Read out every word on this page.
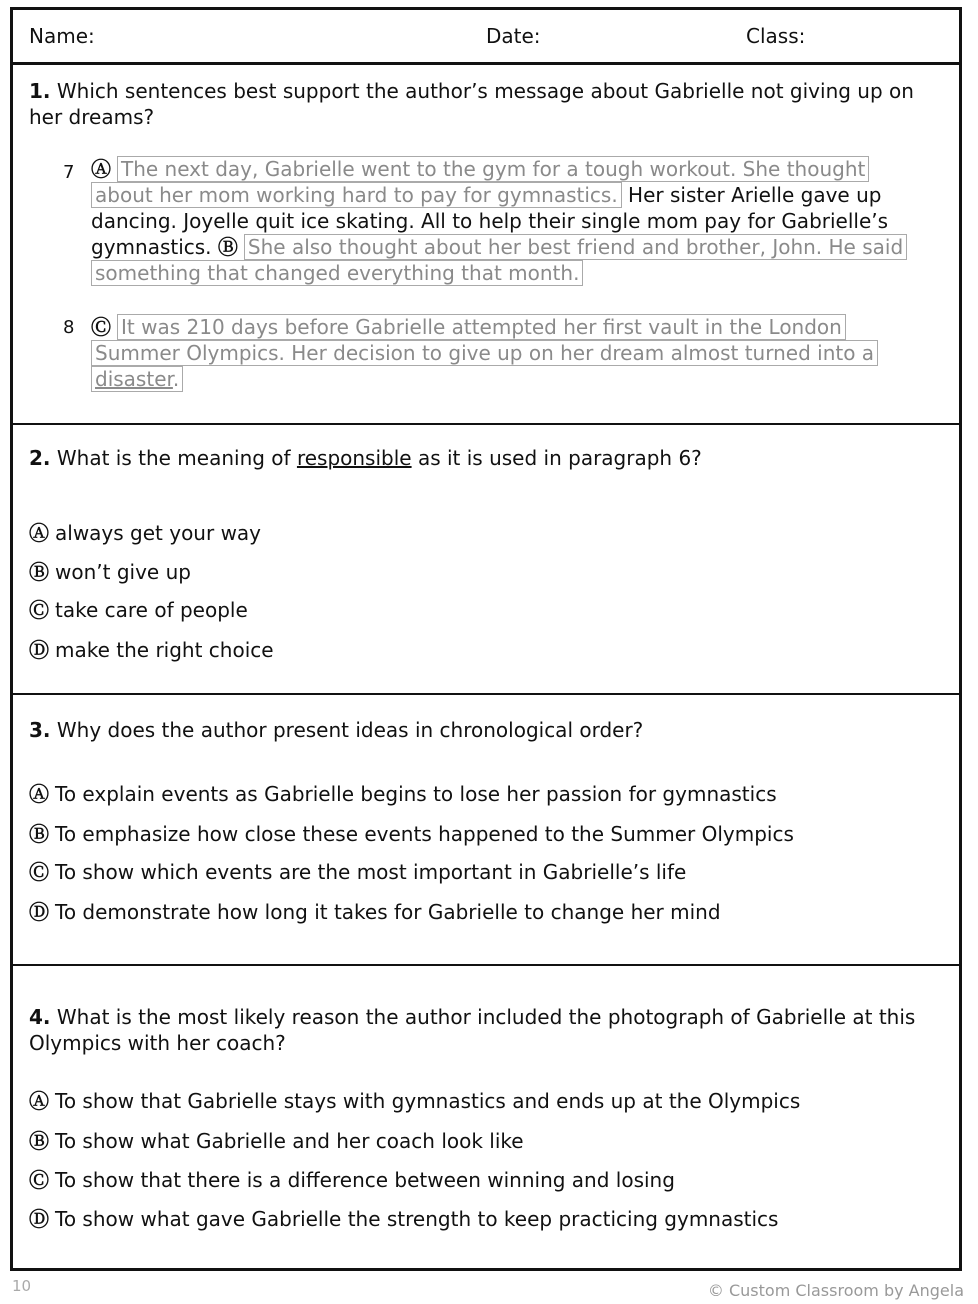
Name:	Date:	Class:
1. Which sentences best support the author’s message about Gabrielle not giving up on her dreams?
7 Ⓐ The next day, Gabrielle went to the gym for a tough workout. She thought about her mom working hard to pay for gymnastics. Her sister Arielle gave up dancing. Joyelle quit ice skating. All to help their single mom pay for Gabrielle’s gymnastics. Ⓑ She also thought about her best friend and brother, John. He said something that changed everything that month.
8 Ⓒ It was 210 days before Gabrielle attempted her first vault in the London Summer Olympics. Her decision to give up on her dream almost turned into a disaster.
2. What is the meaning of responsible as it is used in paragraph 6?
Ⓐ always get your way
Ⓑ won’t give up
Ⓒ take care of people
Ⓓ make the right choice
3. Why does the author present ideas in chronological order?
Ⓐ To explain events as Gabrielle begins to lose her passion for gymnastics
Ⓑ To emphasize how close these events happened to the Summer Olympics
Ⓒ To show which events are the most important in Gabrielle’s life
Ⓓ To demonstrate how long it takes for Gabrielle to change her mind
4. What is the most likely reason the author included the photograph of Gabrielle at this Olympics with her coach?
Ⓐ To show that Gabrielle stays with gymnastics and ends up at the Olympics
Ⓑ To show what Gabrielle and her coach look like
Ⓒ To show that there is a difference between winning and losing
Ⓓ To show what gave Gabrielle the strength to keep practicing gymnastics
10	© Custom Classroom by Angela
